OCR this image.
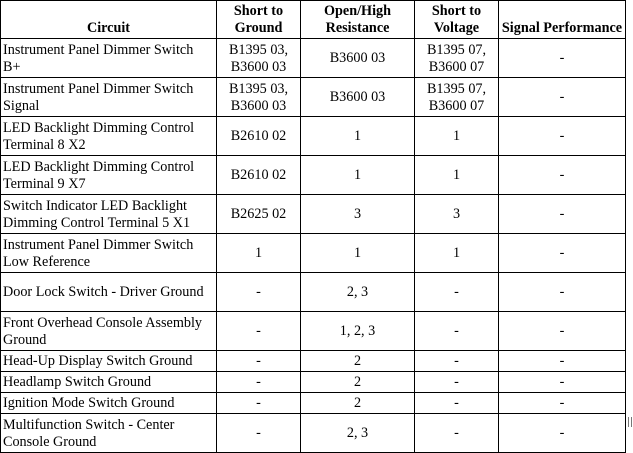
Circuit	Short to Ground	Open/High Resistance	Short to Voltage	Signal Performance
Instrument Panel Dimmer Switch B+	B1395 03, B3600 03	B3600 03	B1395 07, B3600 07	-
Instrument Panel Dimmer Switch Signal	B1395 03, B3600 03	B3600 03	B1395 07, B3600 07	-
LED Backlight Dimming Control Terminal 8 X2	B2610 02	1	1	-
LED Backlight Dimming Control Terminal 9 X7	B2610 02	1	1	-
Switch Indicator LED Backlight Dimming Control Terminal 5 X1	B2625 02	3	3	-
Instrument Panel Dimmer Switch Low Reference	1	1	1	-
Door Lock Switch - Driver Ground	-	2, 3	-	-
Front Overhead Console Assembly Ground	-	1, 2, 3	-	-
Head-Up Display Switch Ground	-	2	-	-
Headlamp Switch Ground	-	2	-	-
Ignition Mode Switch Ground	-	2	-	-
Multifunction Switch - Center Console Ground	-	2, 3	-	-
